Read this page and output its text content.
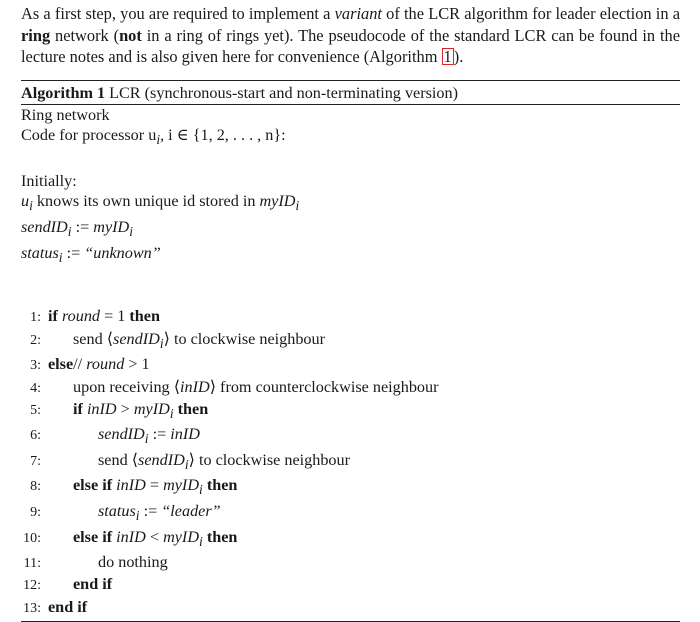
As a first step, you are required to implement a variant of the LCR algorithm for leader election in a ring network (not in a ring of rings yet). The pseudocode of the standard LCR can be found in the lecture notes and is also given here for convenience (Algorithm 1 ).

Algorithm 1 LCR (synchronous-start and non-terminating version)
Ring network
Code for processor $u_i$, i ∈ {1, 2, . . . , n}:
Initially:
$u_i$ knows its own unique id stored in myID$_i$
sendID$_i$ := myID$_i$
status$_i$ := “unknown”
1: if round = 1 then
2: send ⟨sendID$_i$⟩ to clockwise neighbour
3: else// round > 1
4: upon receiving ⟨inID⟩ from counterclockwise neighbour
5: if inID > myID$_i$ then
6:	sendID$_i$ := inID
7:	send ⟨sendID$_i$⟩ to clockwise neighbour
8: else if inID = myID$_i$ then
9:	status$_i$ := “leader”
10: else if inID < myID$_i$ then
11:	do nothing
12: end if
13: end if
